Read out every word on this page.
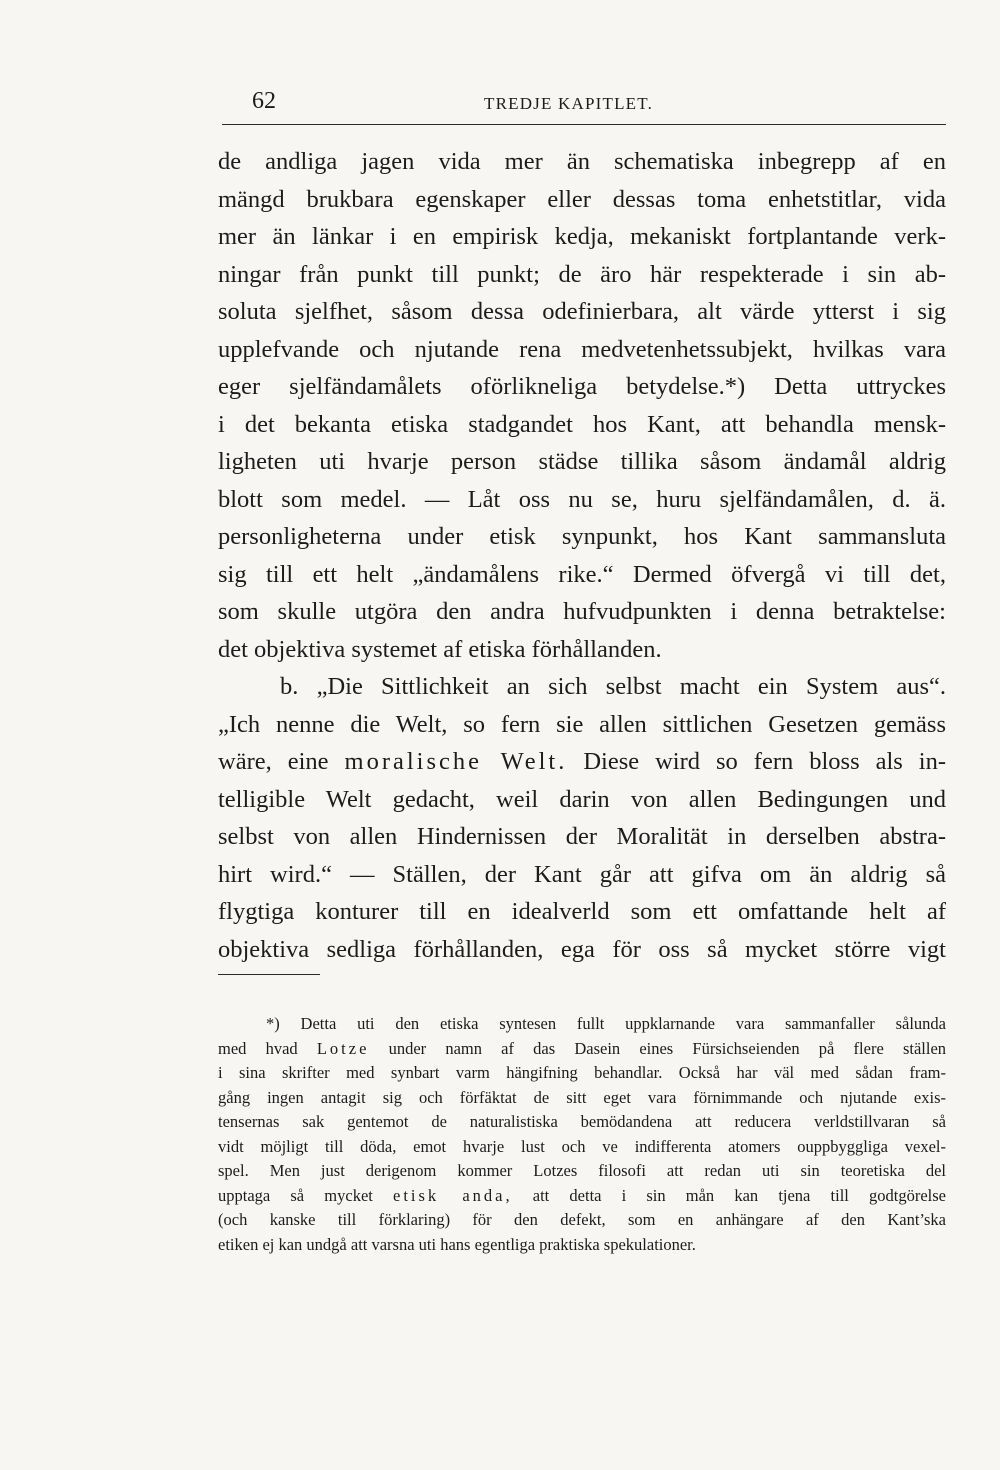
62	TREDJE KAPITLET.
de andliga jagen vida mer än schematiska inbegrepp af en
mängd brukbara egenskaper eller dessas toma enhetstitlar, vida
mer än länkar i en empirisk kedja, mekaniskt fortplantande verk-
ningar från punkt till punkt; de äro här respekterade i sin ab-
soluta sjelfhet, såsom dessa odefinierbara, alt värde ytterst i sig
upplefvande och njutande rena medvetenhetssubjekt, hvilkas vara
eger sjelfändamålets oförlikneliga betydelse.*) Detta uttryckes
i det bekanta etiska stadgandet hos Kant, att behandla mensk-
ligheten uti hvarje person städse tillika såsom ändamål aldrig
blott som medel. — Låt oss nu se, huru sjelfändamålen, d. ä.
personligheterna under etisk synpunkt, hos Kant sammansluta
sig till ett helt „ändamålens rike.“ Dermed öfvergå vi till det,
som skulle utgöra den andra hufvudpunkten i denna betraktelse:
det objektiva systemet af etiska förhållanden.
b. „Die Sittlichkeit an sich selbst macht ein System aus“.
„Ich nenne die Welt, so fern sie allen sittlichen Gesetzen gemäss
wäre, eine moralische Welt. Diese wird so fern bloss als in-
telligible Welt gedacht, weil darin von allen Bedingungen und
selbst von allen Hindernissen der Moralität in derselben abstra-
hirt wird.“ — Ställen, der Kant går att gifva om än aldrig så
flygtiga konturer till en idealverld som ett omfattande helt af
objektiva sedliga förhållanden, ega för oss så mycket större vigt
*) Detta uti den etiska syntesen fullt uppklarnande vara sammanfaller sålunda
med hvad Lotze under namn af das Dasein eines Fürsichseienden på flere ställen
i sina skrifter med synbart varm hängifning behandlar. Också har väl med sådan fram-
gång ingen antagit sig och förfäktat de sitt eget vara förnimmande och njutande exis-
tensernas sak gentemot de naturalistiska bemödandena att reducera verldstillvaran så
vidt möjligt till döda, emot hvarje lust och ve indifferenta atomers ouppbyggliga vexel-
spel. Men just derigenom kommer Lotzes filosofi att redan uti sin teoretiska del
upptaga så mycket etisk anda, att detta i sin mån kan tjena till godtgörelse
(och kanske till förklaring) för den defekt, som en anhängare af den Kant’ska
etiken ej kan undgå att varsna uti hans egentliga praktiska spekulationer.
